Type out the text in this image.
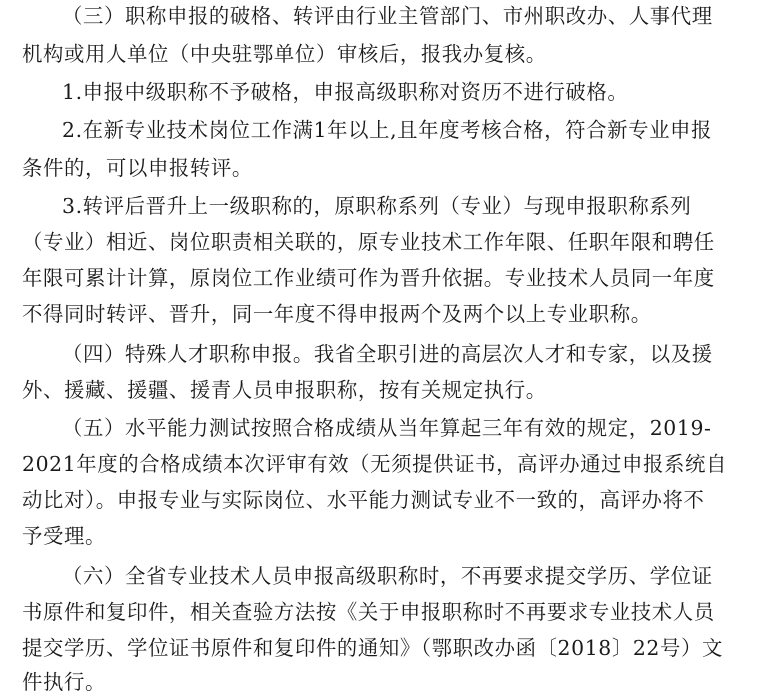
（三）职称申报的破格、转评由行业主管部门、市州职改办、人事代理
机构或用人单位（中央驻鄂单位）审核后，报我办复核。
1.申报中级职称不予破格，申报高级职称对资历不进行破格。
2.在新专业技术岗位工作满1年以上,且年度考核合格，符合新专业申报
条件的，可以申报转评。
3.转评后晋升上一级职称的，原职称系列（专业）与现申报职称系列
（专业）相近、岗位职责相关联的，原专业技术工作年限、任职年限和聘任
年限可累计计算，原岗位工作业绩可作为晋升依据。专业技术人员同一年度
不得同时转评、晋升，同一年度不得申报两个及两个以上专业职称。
（四）特殊人才职称申报。我省全职引进的高层次人才和专家，以及援
外、援藏、援疆、援青人员申报职称，按有关规定执行。
（五）水平能力测试按照合格成绩从当年算起三年有效的规定，2019-
2021年度的合格成绩本次评审有效（无须提供证书，高评办通过申报系统自
动比对）。申报专业与实际岗位、水平能力测试专业不一致的，高评办将不
予受理。
（六）全省专业技术人员申报高级职称时，不再要求提交学历、学位证
书原件和复印件，相关查验方法按《关于申报职称时不再要求专业技术人员
提交学历、学位证书原件和复印件的通知》（鄂职改办函〔2018〕22号）文
件执行。
